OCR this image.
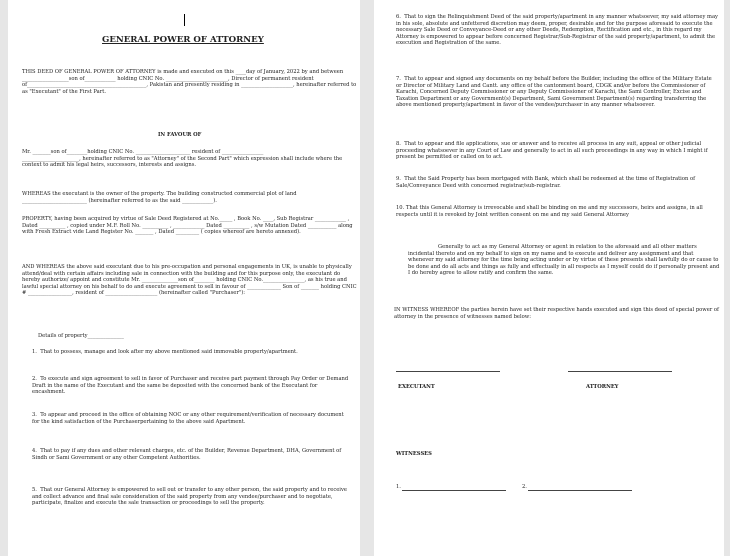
GENERAL POWER OF ATTORNEY
THIS DEED OF GENERAL POWER OF ATTORNEY is made and executed on this ____day of January, 2022 by and between
__________________son of____________ holding CNIC No. ________________________, Director of permanent resident of______________________________________________, Pakistan and presently residing in ____________________, hereinafter referred to as "Executant" of the First Part.
IN FAVOUR OF
Mr. _______son of________holding CNIC No. _____________________ resident of ________________
______________________, hereinafter referred to as "Attorney" of the Second Part" which expression shall include where the context to admit his legal heirs, successors, interests and assigns.
WHEREAS the executant is the owner of the property. The building constructed commercial plot of land _________________________ (hereinafter referred to as the said ____________).
PROPERTY, having been acquired by virtue of Sale Deed Registered at No._____ , Book No. ____, Sub Registrar ____________ , Dated __________ , copied under M.F. Roll No. __________ , ____________ Dated __________ , s/w Mutation Dated ___________ along with Fresh Extract vide Land Register No. _______ , Dated _________ ( copies whereof are hereto annexed).
AND WHEREAS the above said executant due to his pre-occupation and personal engagements in UK, is unable to physically attend/deal with certain affairs including sale in connection with the building and for this purpose only, the executant do hereby authorize/ appoint and constitute Mr. ______________son of________ holding CNIC No.________________, as his true and lawful special attorney on his behalf to do and execute agreement to sell in favour of _____________ Son of _______ holding CNIC # _________________, resident of ____________________ (hereinafter called "Purchaser"):
Details of property______________
1.  That to possess, manage and look after my above mentioned said immovable property/apartment.
2.  To execute and sign agreement to sell in favor of Purchaser and receive part payment through Pay Order or Demand Draft in the name of the Executant and the same be deposited with the concerned bank of the Executant for encashment.
3.  To appear and proceed in the office of obtaining NOC or any other requirement/verification of necessary document for the kind satisfaction of the Purchaserpertaining to the above said Apartment.
4.  That to pay if any dues and other relevant charges, etc. of the Builder, Revenue Department, DHA, Government of Sindh or Sami Government or any other Competent Authorities.
5.  That our General Attorney is empowered to sell out or transfer to any other person, the said property and to receive and collect advance and final sale consideration of the said property from any vendee/purchaser and to negotiate, participate, finalize and execute the sale transaction or proceedings to sell the property.
6.  That to sign the Relinquishment Deed of the said property/apartment in any manner whatsoever, my said attorney may in his sole, absolute and unfettered discretion may deem, proper, desirable and for the purpose aforesaid to execute the necessary Sale Deed or Conveyance-Deed or any other Deeds, Redemption, Rectification and etc., in this regard my Attorney is empowered to appear before concerned Registrar/Sub-Registrar of the said property/apartment, to admit the execution and Registration of the same.
7.  That to appear and signed any documents on my behalf before the Builder, including the office of the Military Estate or Director of Military Land and Cantt. any office of the cantonment board, CDGK and/or before the Commissioner of Karachi, Concerned Deputy Commissioner or any Deputy Commissioner of Karachi, the Sami Controller, Excise and Taxation Department or any Government(s) Department, Sami Government Department(s) regarding transferring the above mentioned property/apartment in favor of the vendee/purchaser in any manner whatsoever.
8.  That to appear and file applications, sue or answer and to receive all process in any suit, appeal or other judicial proceeding whatsoever in any Court of Law and generally to act in all such proceedings in any way in which I might if present be permitted or called on to act.
9.  That the Said Property has been mortgaged with Bank, which shall be redeemed at the time of Registration of Sale/Conveyance Deed with concerned registrar/sub-registrar.
10. That this General Attorney is irrevocable and shall be binding on me and my successors, heirs and assigns, in all respects until it is revoked by Joint written consent on me and my said General Attorney
Generally to act as my General Attorney or agent in relation to the aforesaid and all other matters incidental thereto and on my behalf to sign on my name and to execute and deliver any assignment and that whenever my said attorney for the time being acting under or by virtue of these presents shall lawfully do or cause to be done and do all acts and things as fully and effectually in all respects as I myself could do if personally present and I do hereby agree to allow ratify and confirm the same.
IN WITNESS WHEREOF the parties herein have set their respective hands executed and sign this deed of special power of attorney in the presence of witnesses named below:
EXECUTANT	ATTORNEY
WITNESSES
1.	2.
